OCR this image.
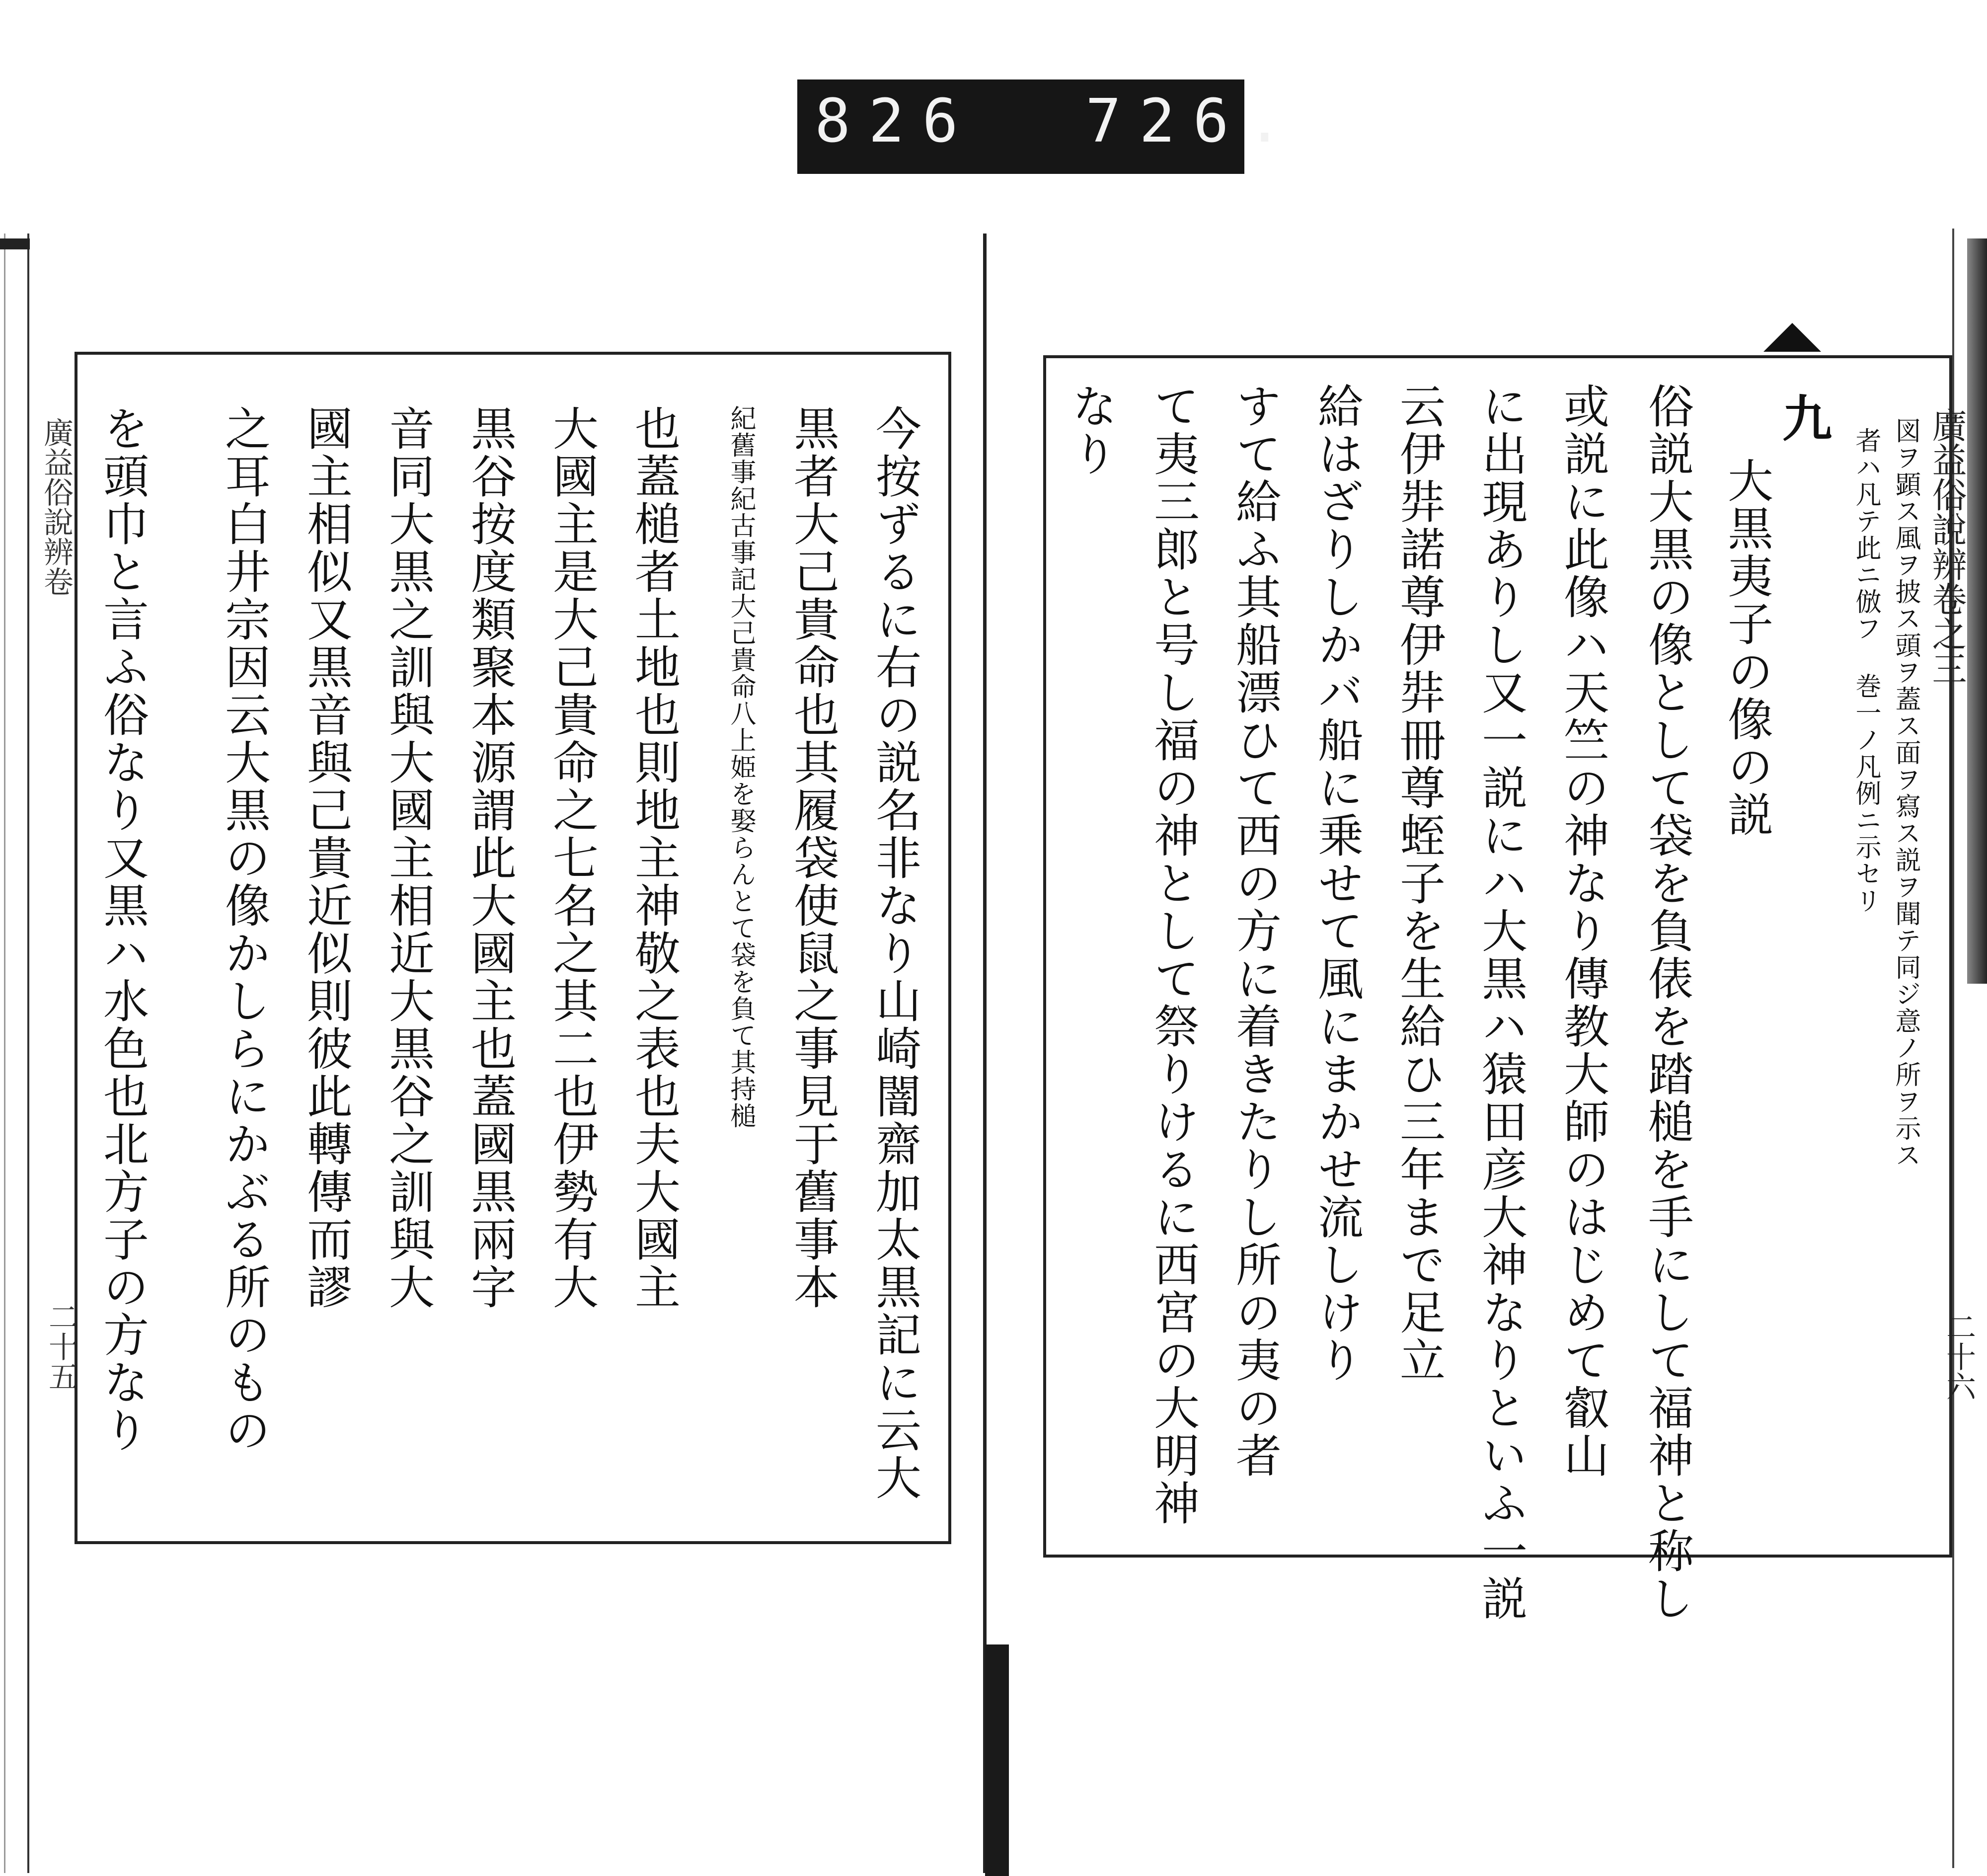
826 726.
廣益俗說辨卷
二十五
廣益俗說辨卷之三
二十六
今按ずるに右の説名非なり山崎闇齋加太黒記に云大
黒者大己貴命也其履袋使鼠之事見于舊事本
紀舊事紀古事記大己貴命八上姫を娶らんとて袋を負て其持槌
也蓋槌者土地也則地主神敬之表也夫大國主
大國主是大己貴命之七名之其二也伊勢有大
黒谷按度類聚本源謂此大國主也蓋國黒兩字
音同大黒之訓與大國主相近大黒谷之訓與大
國主相似又黒音與己貴近似則彼此轉傳而謬
之耳白井宗因云大黒の像かしらにかぶる所のもの
を頭巾と言ふ俗なり又黒ハ水色也北方子の方なり	図ヲ顕ス風ヲ披ス頭ヲ蓋ス面ヲ寫ス説ヲ聞テ同ジ意ノ所ヲ示ス
者ハ凡テ此ニ倣フ 巻一ノ凡例ニ示セリ
九
大黒夷子の像の説
俗説大黒の像として袋を負俵を踏槌を手にして福神と称し
或説に此像ハ天竺の神なり傳教大師のはじめて叡山
に出現ありし又一説にハ大黒ハ猿田彦大神なりといふ一説
云伊弉諾尊伊弉冊尊蛭子を生給ひ三年まで足立
給はざりしかバ船に乗せて風にまかせ流しけり
すて給ふ其船漂ひて西の方に着きたりし所の夷の者
て夷三郎と号し福の神として祭りけるに西宮の大明神
なり
